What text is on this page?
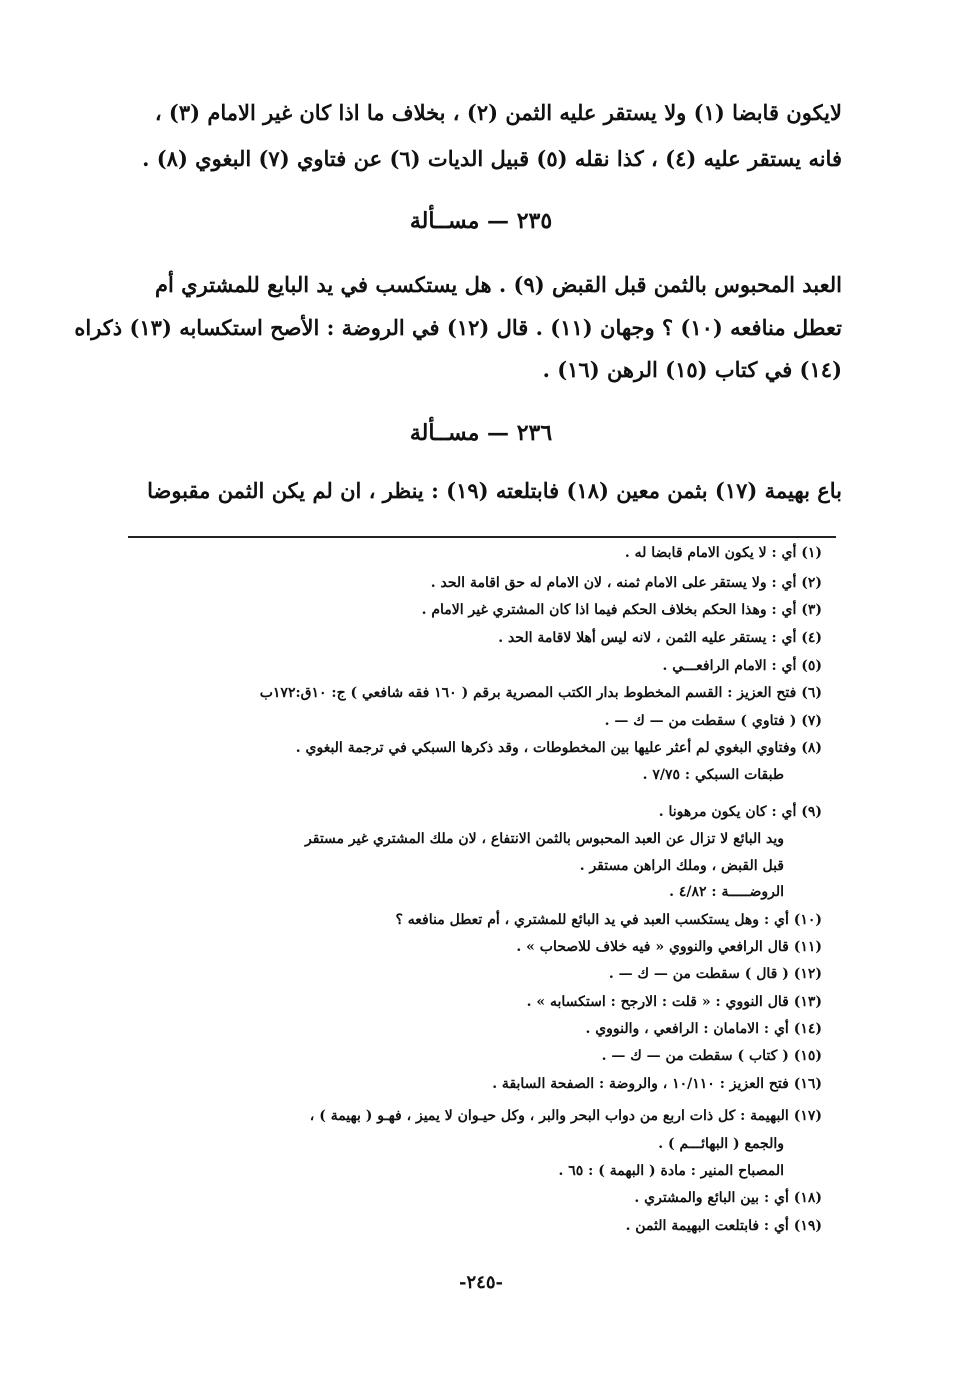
لايكون قابضا (١) ولا يستقر عليه الثمن (٢) ، بخلاف ما اذا كان غير الامام (٣) ،

فانه يستقر عليه (٤) ، كذا نقله (٥) قبيل الديات (٦) عن فتاوي (٧) البغوي (٨) .

٢٣٥ — مســألة

العبد المحبوس بالثمن قبل القبض (٩) . هل يستكسب في يد البايع للمشتري أم

تعطل منافعه (١٠) ؟ وجهان (١١) . قال (١٢) في الروضة : الأصح استكسابه (١٣) ذكراه

(١٤) في كتاب (١٥) الرهن (١٦) .

٢٣٦ — مســألة

باع بهيمة (١٧) بثمن معين (١٨) فابتلعته (١٩) : ينظر ، ان لم يكن الثمن مقبوضا

(١) أي : لا يكون الامام قابضا له .

(٢) أي : ولا يستقر على الامام ثمنه ، لان الامام له حق اقامة الحد .

(٣) أي : وهذا الحكم بخلاف الحكم فيما اذا كان المشتري غير الامام .

(٤) أي : يستقر عليه الثمن ، لانه ليس أهلا لاقامة الحد .

(٥) أي : الامام الرافعـــي .

(٦) فتح العزيز : القسم المخطوط بدار الكتب المصرية برقم ( ١٦٠ فقه شافعي ) ج: ١٠ق:١٧٢ب

(٧) ( فتاوي ) سقطت من — ك — .

(٨) وفتاوي البغوي لم أعثر عليها بين المخطوطات ، وقد ذكرها السبكي في ترجمة البغوي .

طبقات السبكي : ٧/٧٥ .

(٩) أي : كان يكون مرهونا .

ويد البائع لا تزال عن العبد المحبوس بالثمن الانتفاع ، لان ملك المشتري غير مستقر

قبل القبض ، وملك الراهن مستقر .

الروضـــــة : ٤/٨٢ .

(١٠) أي : وهل يستكسب العبد في يد البائع للمشتري ، أم تعطل منافعه ؟

(١١) قال الرافعي والنووي « فيه خلاف للاصحاب » .

(١٢) ( قال ) سقطت من — ك — .

(١٣) قال النووي : « قلت : الارجح : استكسابه » .

(١٤) أي : الامامان : الرافعي ، والنووي .

(١٥) ( كتاب ) سقطت من — ك — .

(١٦) فتح العزيز : ١٠/١١٠ ، والروضة : الصفحة السابقة .

(١٧) البهيمة : كل ذات اربع من دواب البحر والبر ، وكل حيـوان لا يميز ، فهـو ( بهيمة ) ،

والجمع ( البهائـــم ) .

المصباح المنير : مادة ( البهمة ) : ٦٥ .

(١٨) أي : بين البائع والمشتري .

(١٩) أي : فابتلعت البهيمة الثمن .

-٢٤٥-
